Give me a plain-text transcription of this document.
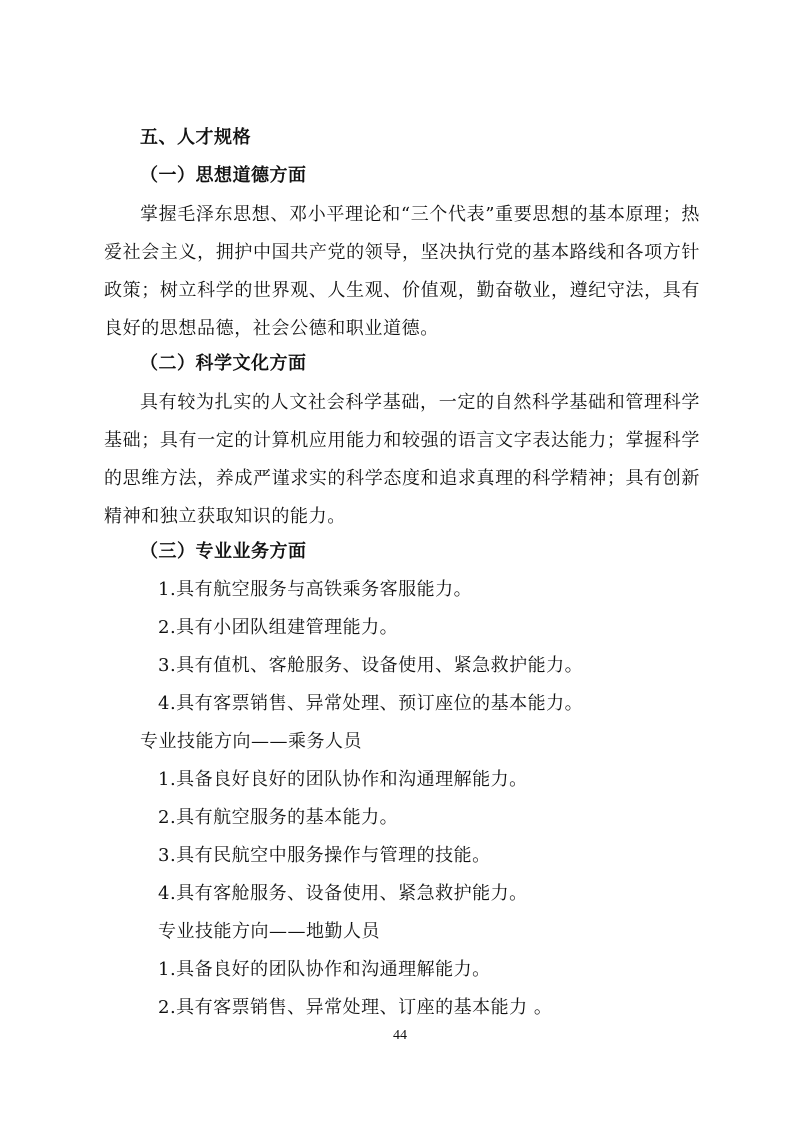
五、人才规格
（一）思想道德方面
掌握毛泽东思想、邓小平理论和“三个代表”重要思想的基本原理；热爱社会主义，拥护中国共产党的领导，坚决执行党的基本路线和各项方针政策；树立科学的世界观、人生观、价值观，勤奋敬业，遵纪守法，具有良好的思想品德，社会公德和职业道德。
（二）科学文化方面
具有较为扎实的人文社会科学基础，一定的自然科学基础和管理科学基础；具有一定的计算机应用能力和较强的语言文字表达能力；掌握科学的思维方法，养成严谨求实的科学态度和追求真理的科学精神；具有创新精神和独立获取知识的能力。
（三）专业业务方面
1.具有航空服务与高铁乘务客服能力。
2.具有小团队组建管理能力。
3.具有值机、客舱服务、设备使用、紧急救护能力。
4.具有客票销售、异常处理、预订座位的基本能力。
专业技能方向——乘务人员
1.具备良好良好的团队协作和沟通理解能力。
2.具有航空服务的基本能力。
3.具有民航空中服务操作与管理的技能。
4.具有客舱服务、设备使用、紧急救护能力。
专业技能方向——地勤人员
1.具备良好的团队协作和沟通理解能力。
2.具有客票销售、异常处理、订座的基本能力 。
44
